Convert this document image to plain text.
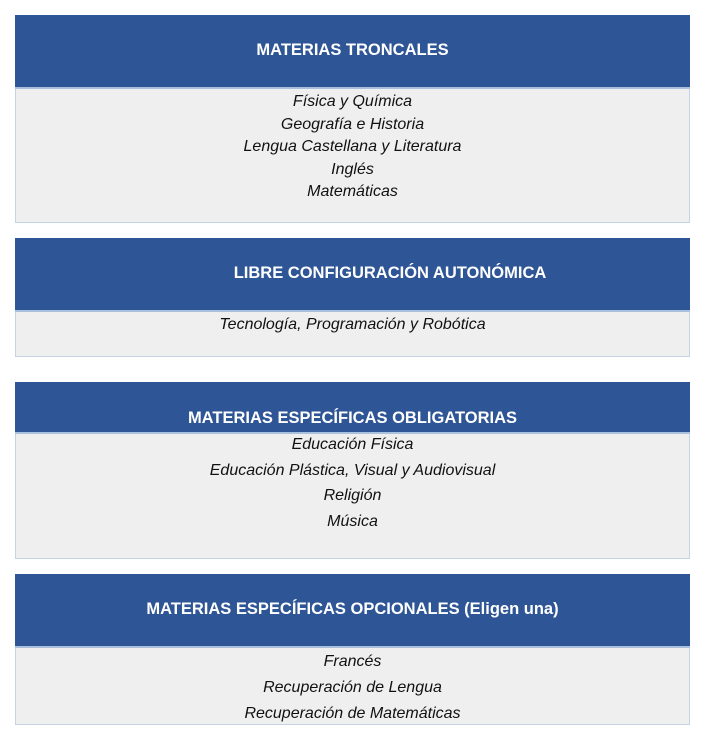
MATERIAS TRONCALES
Física y Química
Geografía e Historia
Lengua Castellana y Literatura
Inglés
Matemáticas
LIBRE CONFIGURACIÓN AUTONÓMICA
Tecnología, Programación y Robótica
MATERIAS ESPECÍFICAS OBLIGATORIAS
Educación Física
Educación Plástica, Visual y Audiovisual
Religión
Música
MATERIAS ESPECÍFICAS OPCIONALES (Eligen una)
Francés
Recuperación de Lengua
Recuperación de Matemáticas
